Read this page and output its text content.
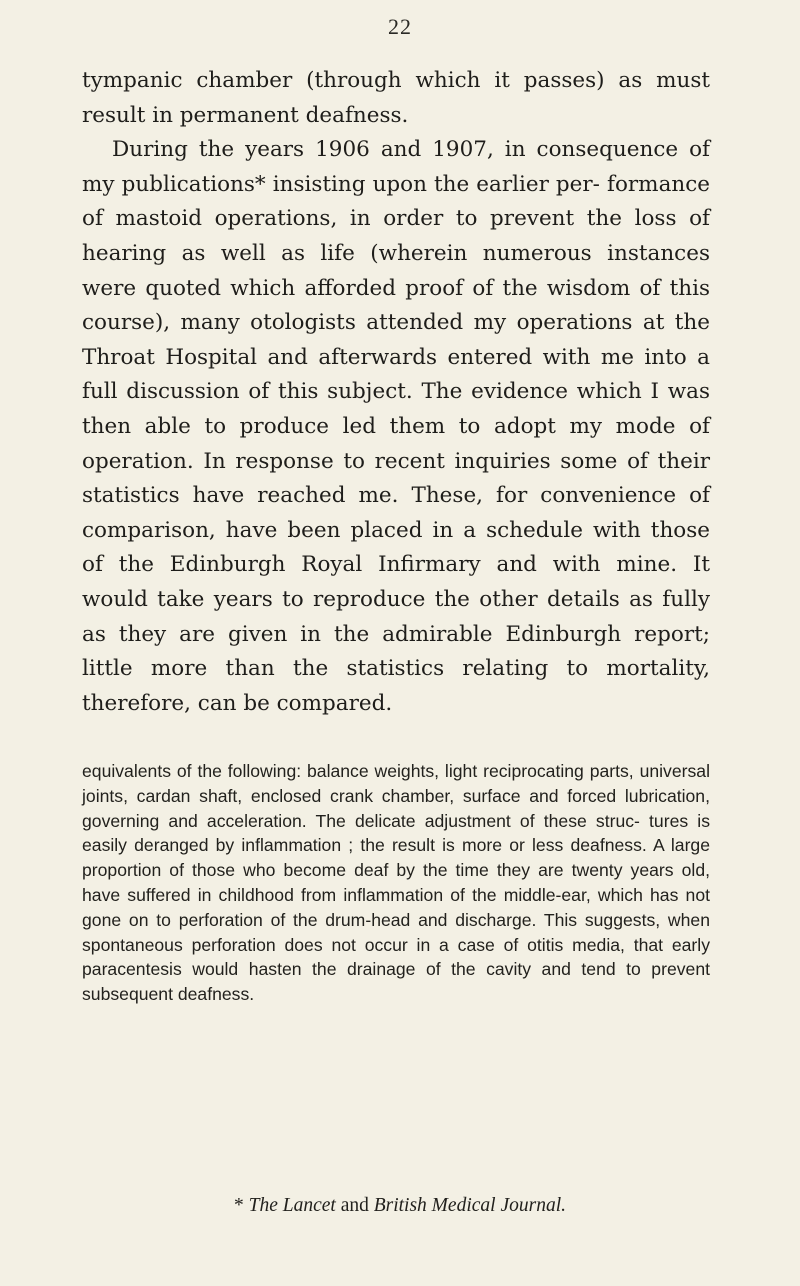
22

tympanic chamber (through which it passes) as must result in permanent deafness.

During the years 1906 and 1907, in consequence of my publications* insisting upon the earlier per- formance of mastoid operations, in order to prevent the loss of hearing as well as life (wherein numerous instances were quoted which afforded proof of the wisdom of this course), many otologists attended my operations at the Throat Hospital and afterwards entered with me into a full discussion of this subject. The evidence which I was then able to produce led them to adopt my mode of operation. In response to recent inquiries some of their statistics have reached me. These, for convenience of comparison, have been placed in a schedule with those of the Edinburgh Royal Infirmary and with mine. It would take years to reproduce the other details as fully as they are given in the admirable Edinburgh report; little more than the statistics relating to mortality, therefore, can be compared.

equivalents of the following: balance weights, light reciprocating parts, universal joints, cardan shaft, enclosed crank chamber, surface and forced lubrication, governing and acceleration. The delicate adjustment of these struc- tures is easily deranged by inflammation ; the result is more or less deafness. A large proportion of those who become deaf by the time they are twenty years old, have suffered in childhood from inflammation of the middle-ear, which has not gone on to perforation of the drum-head and discharge. This suggests, when spontaneous perforation does not occur in a case of otitis media, that early paracentesis would hasten the drainage of the cavity and tend to prevent subsequent deafness.

* The Lancet and British Medical Journal.
